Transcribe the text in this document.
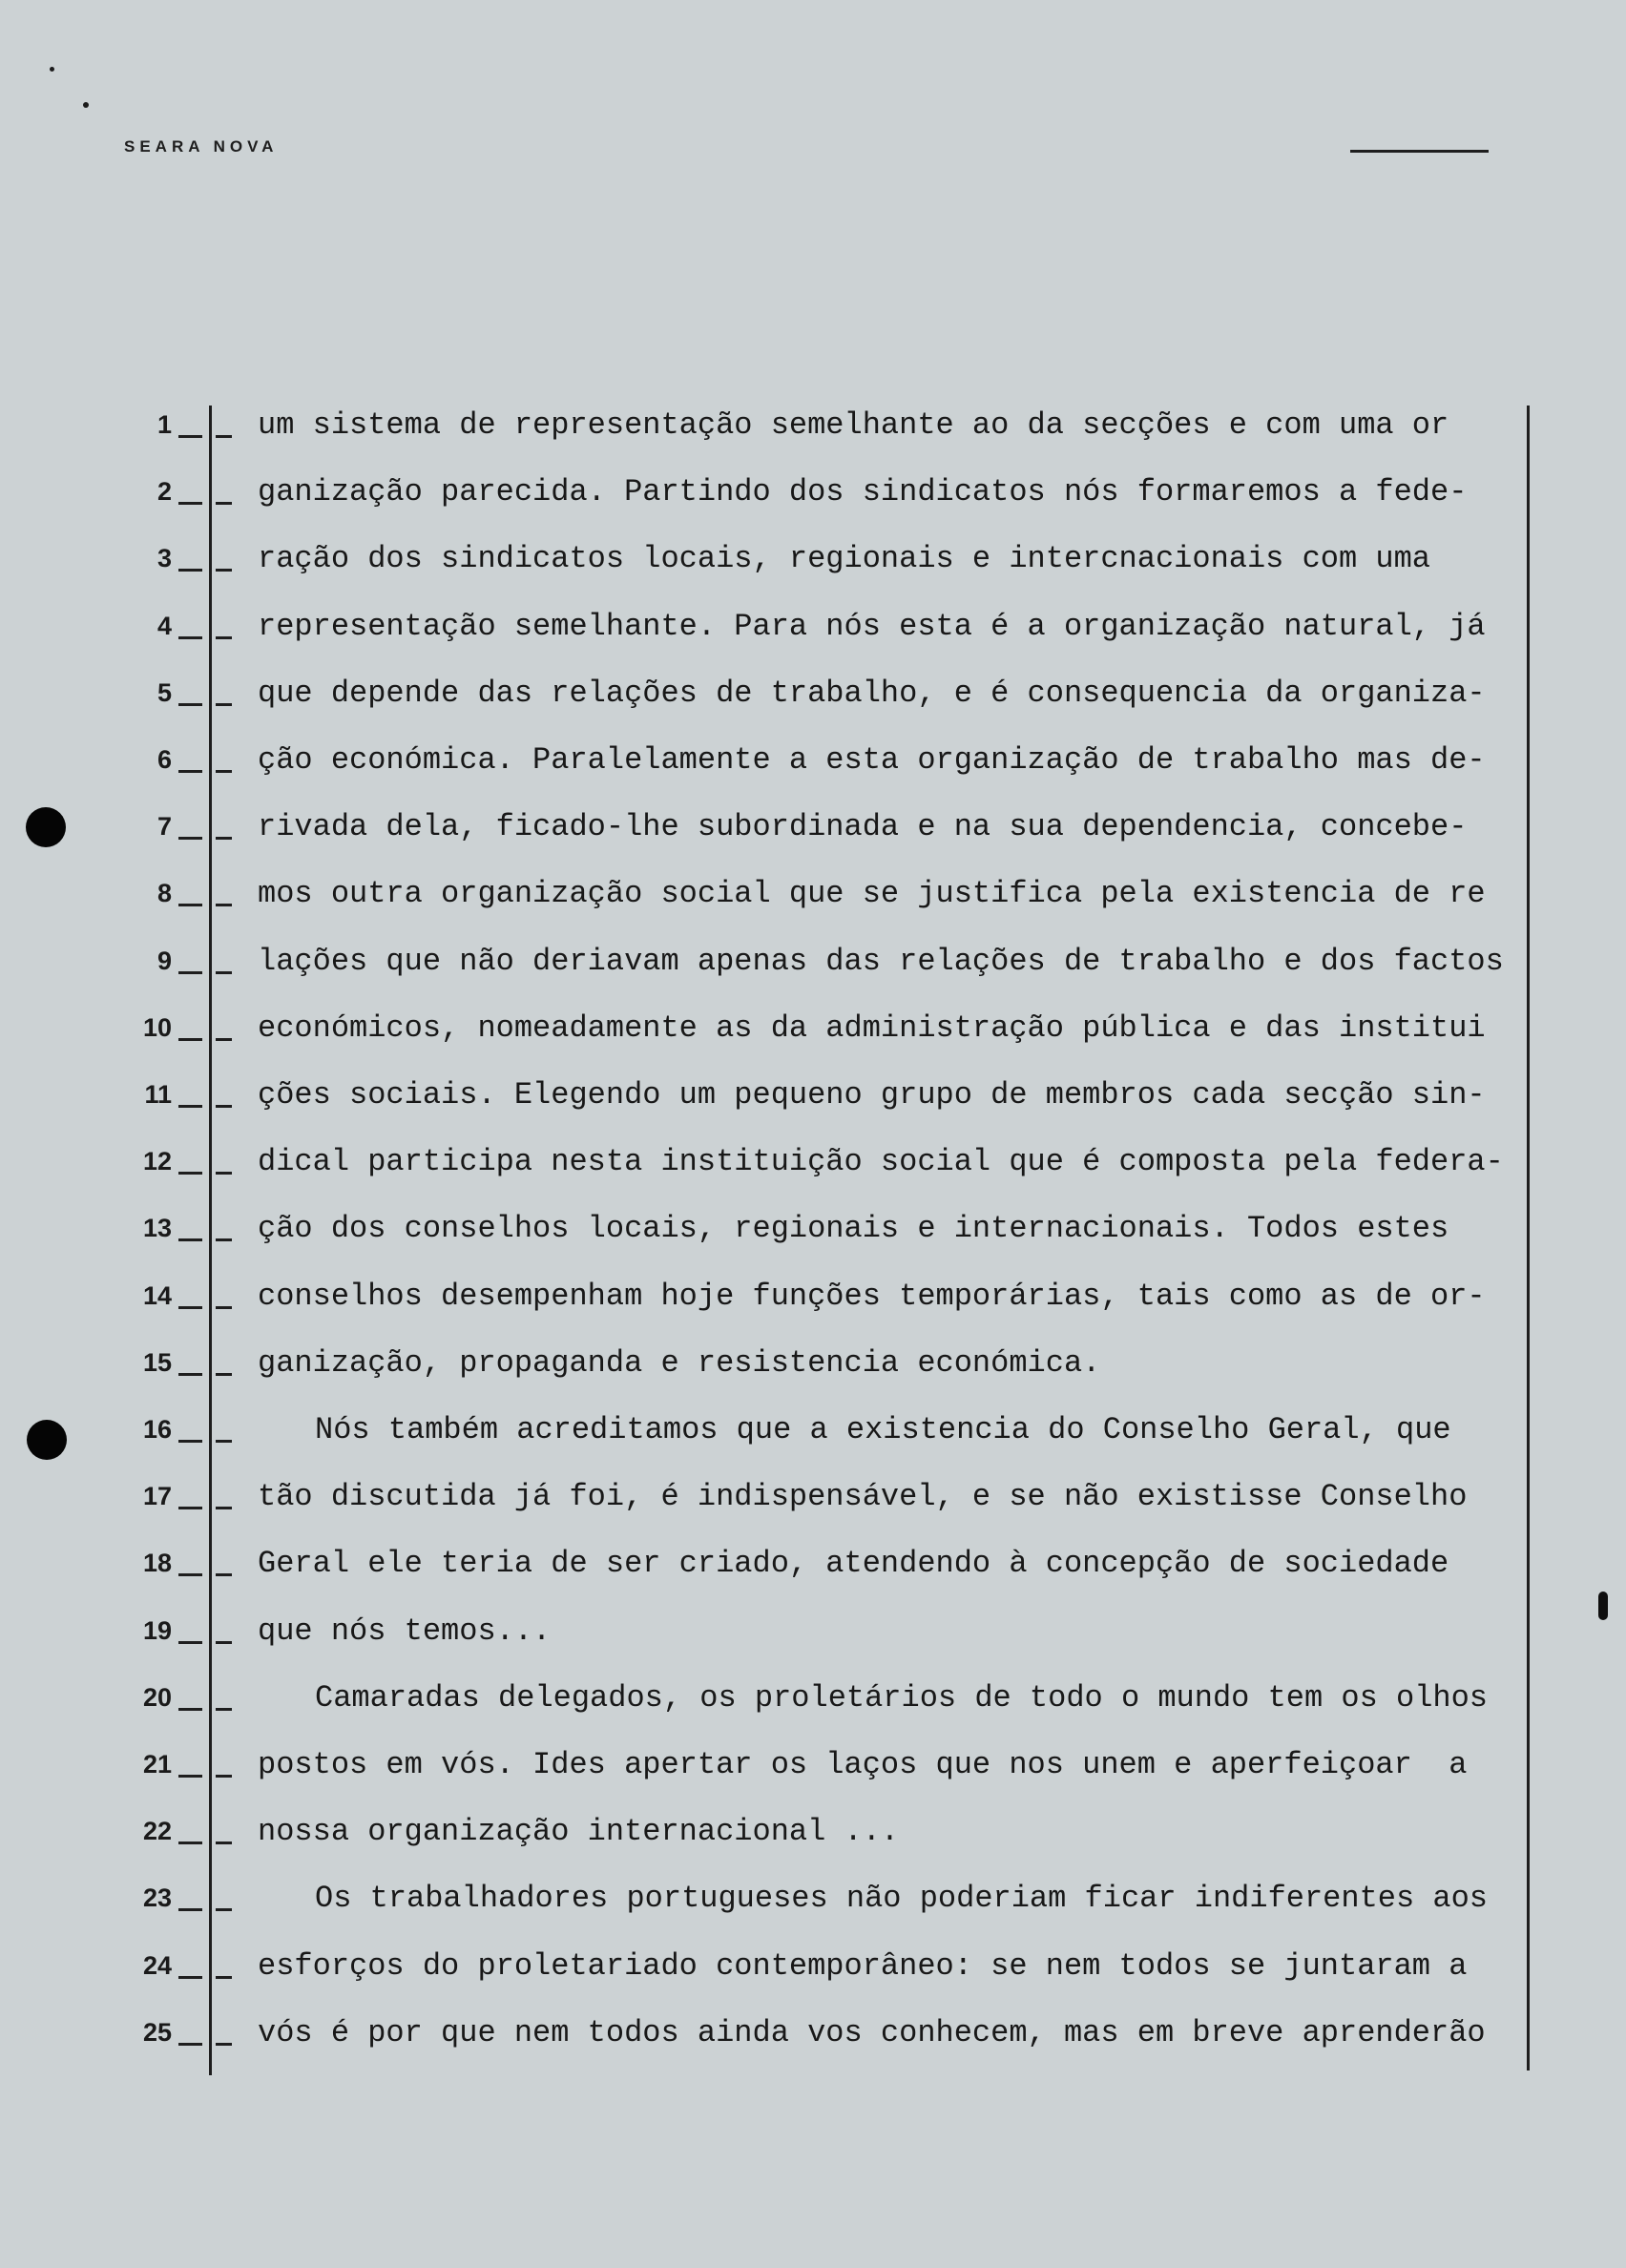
SEARA NOVA
1	um sistema de representação semelhante ao da secções e com uma or
2	ganização parecida. Partindo dos sindicatos nós formaremos a fede-
3	ração dos sindicatos locais, regionais e intercnacionais com uma
4	representação semelhante. Para nós esta é a organização natural, já
5	que depende das relações de trabalho, e é consequencia da organiza-
6	ção económica. Paralelamente a esta organização de trabalho mas de-
7	rivada dela, ficado-lhe subordinada e na sua dependencia, concebe-
8	mos outra organização social que se justifica pela existencia de re
9	lações que não deriavam apenas das relações de trabalho e dos factos
10	económicos, nomeadamente as da administração pública e das institui
11	ções sociais. Elegendo um pequeno grupo de membros cada secção sin-
12	dical participa nesta instituição social que é composta pela federa-
13	ção dos conselhos locais, regionais e internacionais. Todos estes
14	conselhos desempenham hoje funções temporárias, tais como as de or-
15	ganização, propaganda e resistencia económica.
16	Nós também acreditamos que a existencia do Conselho Geral, que
17	tão discutida já foi, é indispensável, e se não existisse Conselho
18	Geral ele teria de ser criado, atendendo à concepção de sociedade
19	que nós temos...
20	Camaradas delegados, os proletários de todo o mundo tem os olhos
21	postos em vós. Ides apertar os laços que nos unem e aperfeiçoar  a
22	nossa organização internacional ...
23	Os trabalhadores portugueses não poderiam ficar indiferentes aos
24	esforços do proletariado contemporâneo: se nem todos se juntaram a
25	vós é por que nem todos ainda vos conhecem, mas em breve aprenderão
